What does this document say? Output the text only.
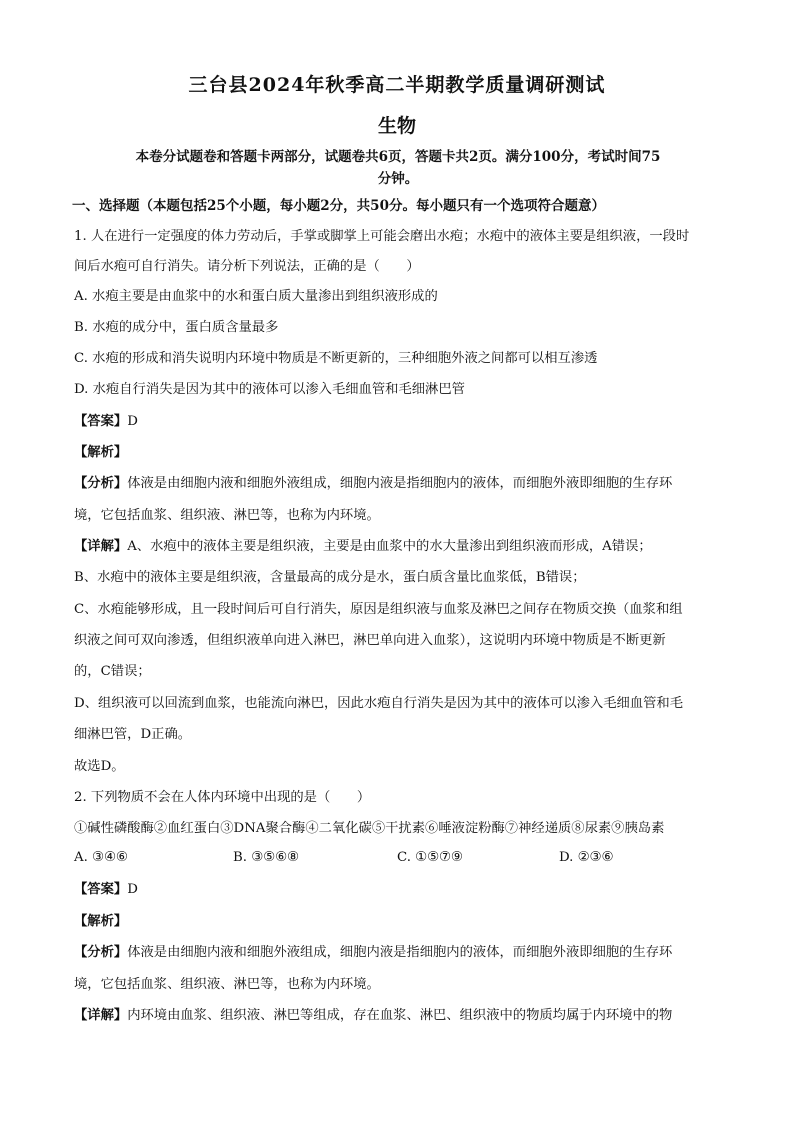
三台县2024年秋季高二半期教学质量调研测试
生物
本卷分试题卷和答题卡两部分，试题卷共6页，答题卡共2页。满分100分，考试时间75
分钟。
一、选择题（本题包括25个小题，每小题2分，共50分。每小题只有一个选项符合题意）
1. 人在进行一定强度的体力劳动后，手掌或脚掌上可能会磨出水疱；水疱中的液体主要是组织液，一段时
间后水疱可自行消失。请分析下列说法，正确的是（　　）
A. 水疱主要是由血浆中的水和蛋白质大量渗出到组织液形成的
B. 水疱的成分中，蛋白质含量最多
C. 水疱的形成和消失说明内环境中物质是不断更新的，三种细胞外液之间都可以相互渗透
D. 水疱自行消失是因为其中的液体可以渗入毛细血管和毛细淋巴管
【答案】D
【解析】
【分析】体液是由细胞内液和细胞外液组成，细胞内液是指细胞内的液体，而细胞外液即细胞的生存环
境，它包括血浆、组织液、淋巴等，也称为内环境。
【详解】A、水疱中的液体主要是组织液，主要是由血浆中的水大量渗出到组织液而形成，A错误；
B、水疱中的液体主要是组织液，含量最高的成分是水，蛋白质含量比血浆低，B错误；
C、水疱能够形成，且一段时间后可自行消失，原因是组织液与血浆及淋巴之间存在物质交换（血浆和组
织液之间可双向渗透，但组织液单向进入淋巴，淋巴单向进入血浆），这说明内环境中物质是不断更新
的，C错误；
D、组织液可以回流到血浆，也能流向淋巴，因此水疱自行消失是因为其中的液体可以渗入毛细血管和毛
细淋巴管，D正确。
故选D。
2. 下列物质不会在人体内环境中出现的是（　　）
①碱性磷酸酶②血红蛋白③DNA聚合酶④二氧化碳⑤干扰素⑥唾液淀粉酶⑦神经递质⑧尿素⑨胰岛素
A. ③④⑥	B. ③⑤⑥⑧	C. ①⑤⑦⑨	D. ②③⑥
【答案】D
【解析】
【分析】体液是由细胞内液和细胞外液组成，细胞内液是指细胞内的液体，而细胞外液即细胞的生存环
境，它包括血浆、组织液、淋巴等，也称为内环境。
【详解】内环境由血浆、组织液、淋巴等组成，存在血浆、淋巴、组织液中的物质均属于内环境中的物
